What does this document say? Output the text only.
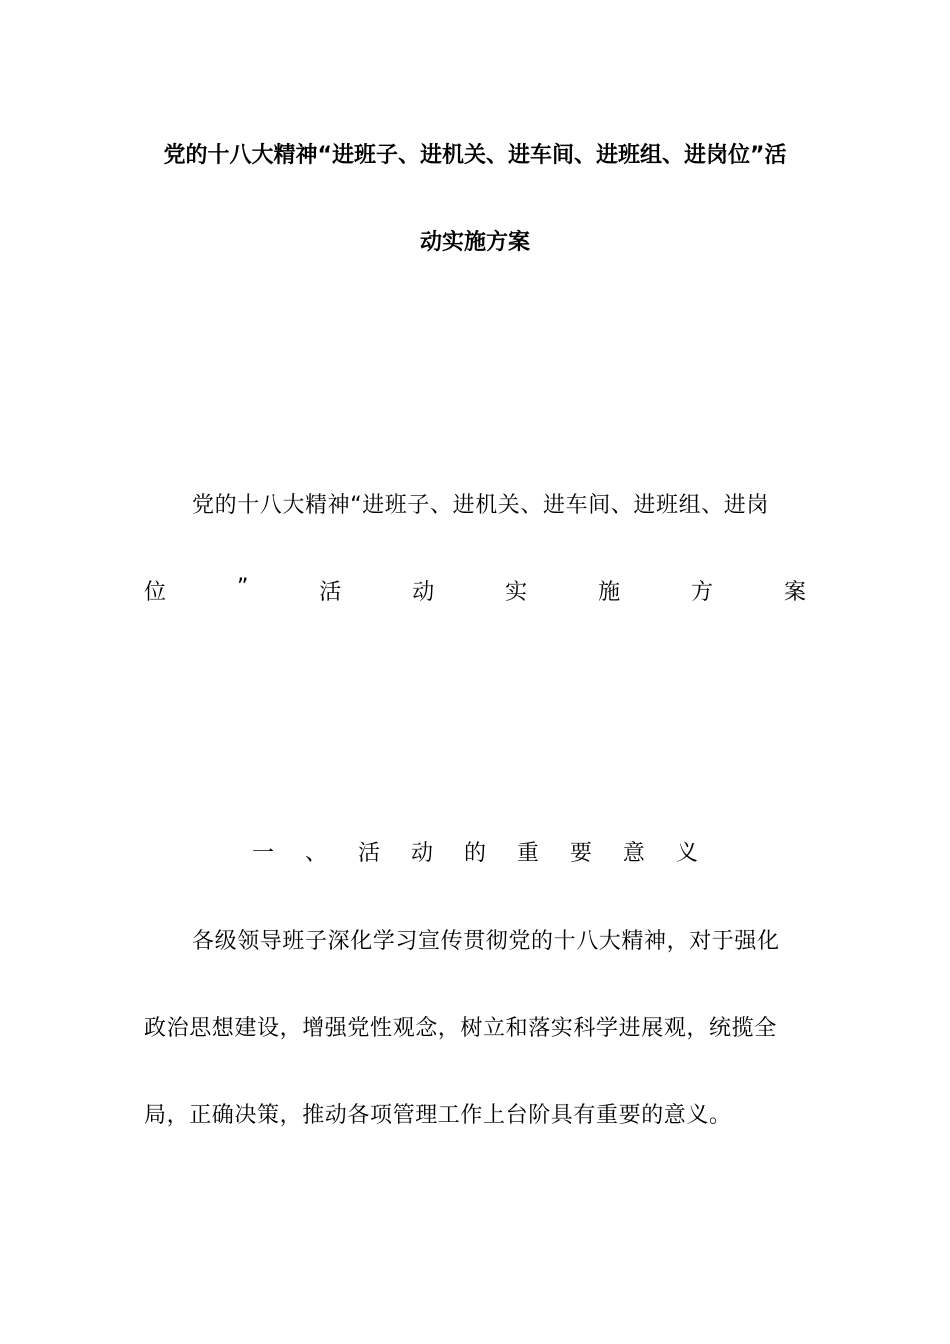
党的十八大精神“进班子、进机关、进车间、进班组、进岗位”活
动实施方案
党的十八大精神“进班子、进机关、进车间、进班组、进岗
位	”	活	动	实	施	方	案
一 、 活 动 的 重 要 意 义
各级领导班子深化学习宣传贯彻党的十八大精神，对于强化
政治思想建设，增强党性观念，树立和落实科学进展观，统揽全
局，正确决策，推动各项管理工作上台阶具有重要的意义。
